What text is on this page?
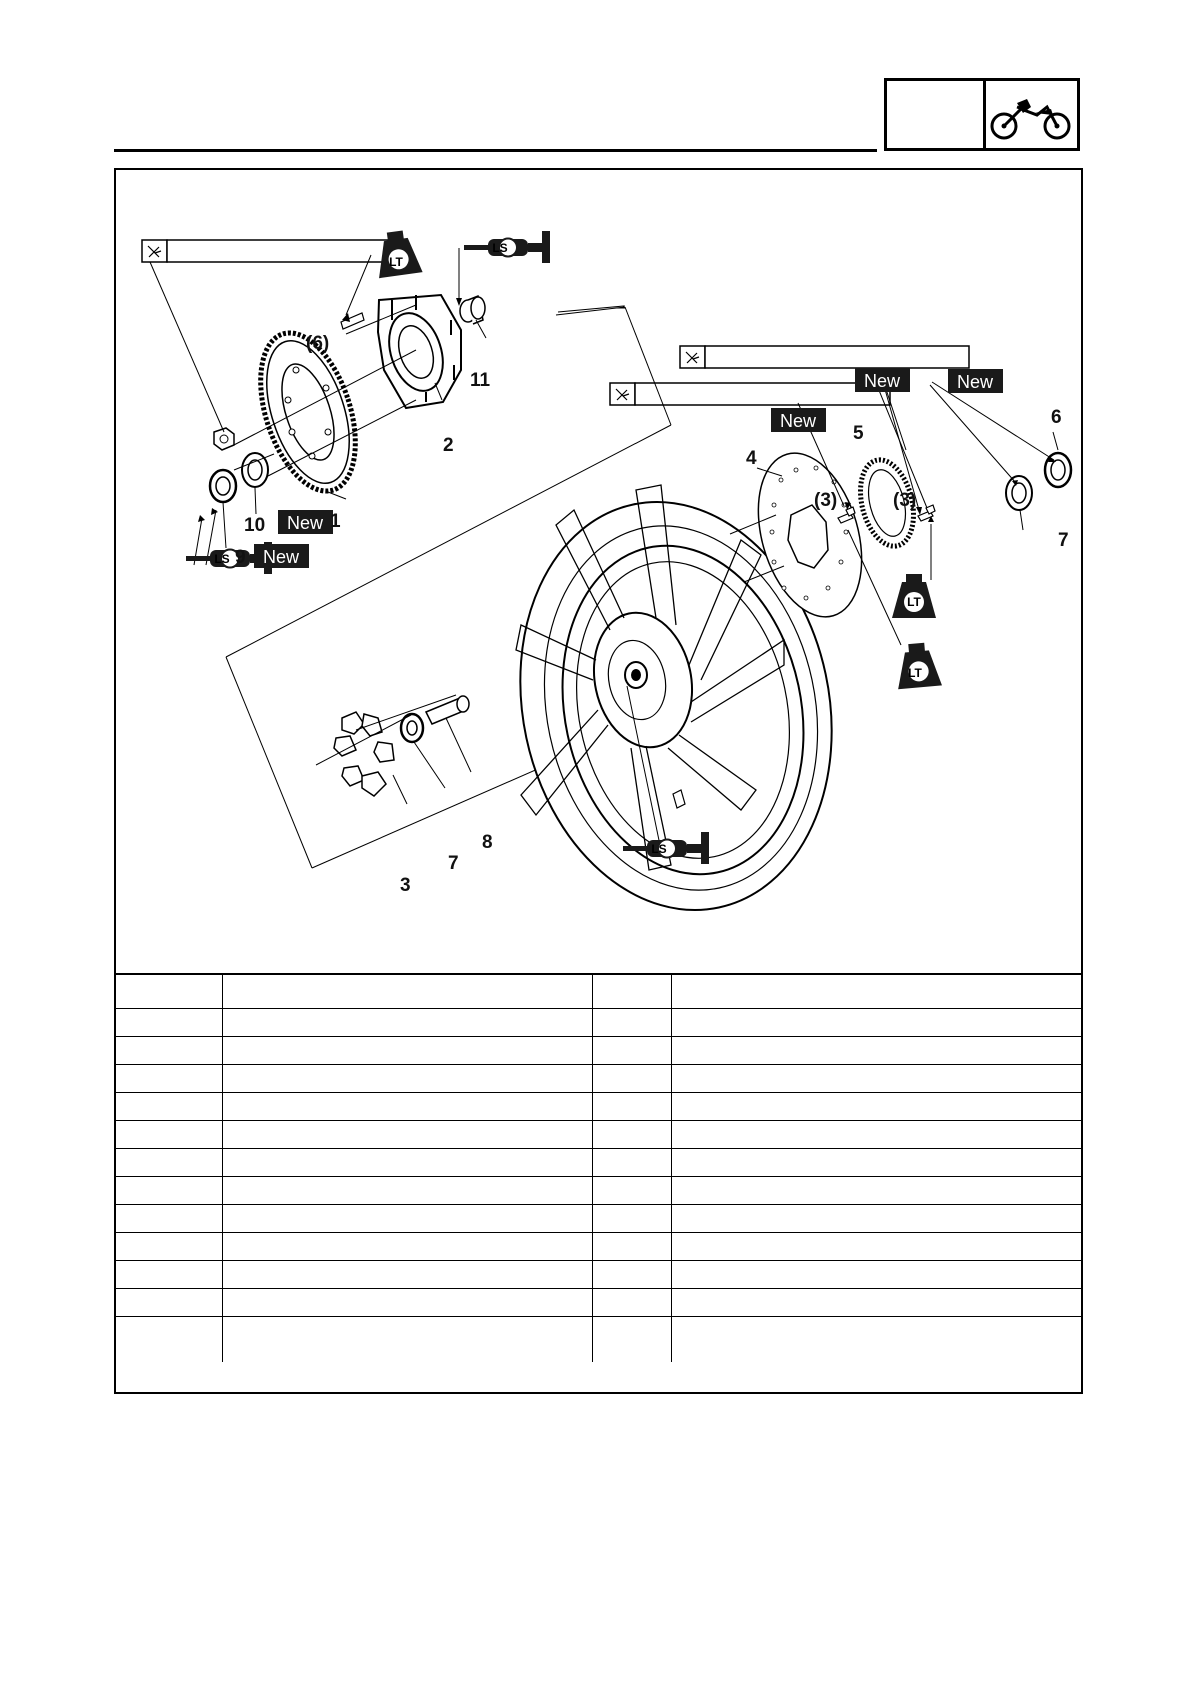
LS
LS
LS
LT
LT
LT
New
New
New
New	New
1
2
3
4
5
6
7
7
8
9
10
11
(6)
(3)	(3)
